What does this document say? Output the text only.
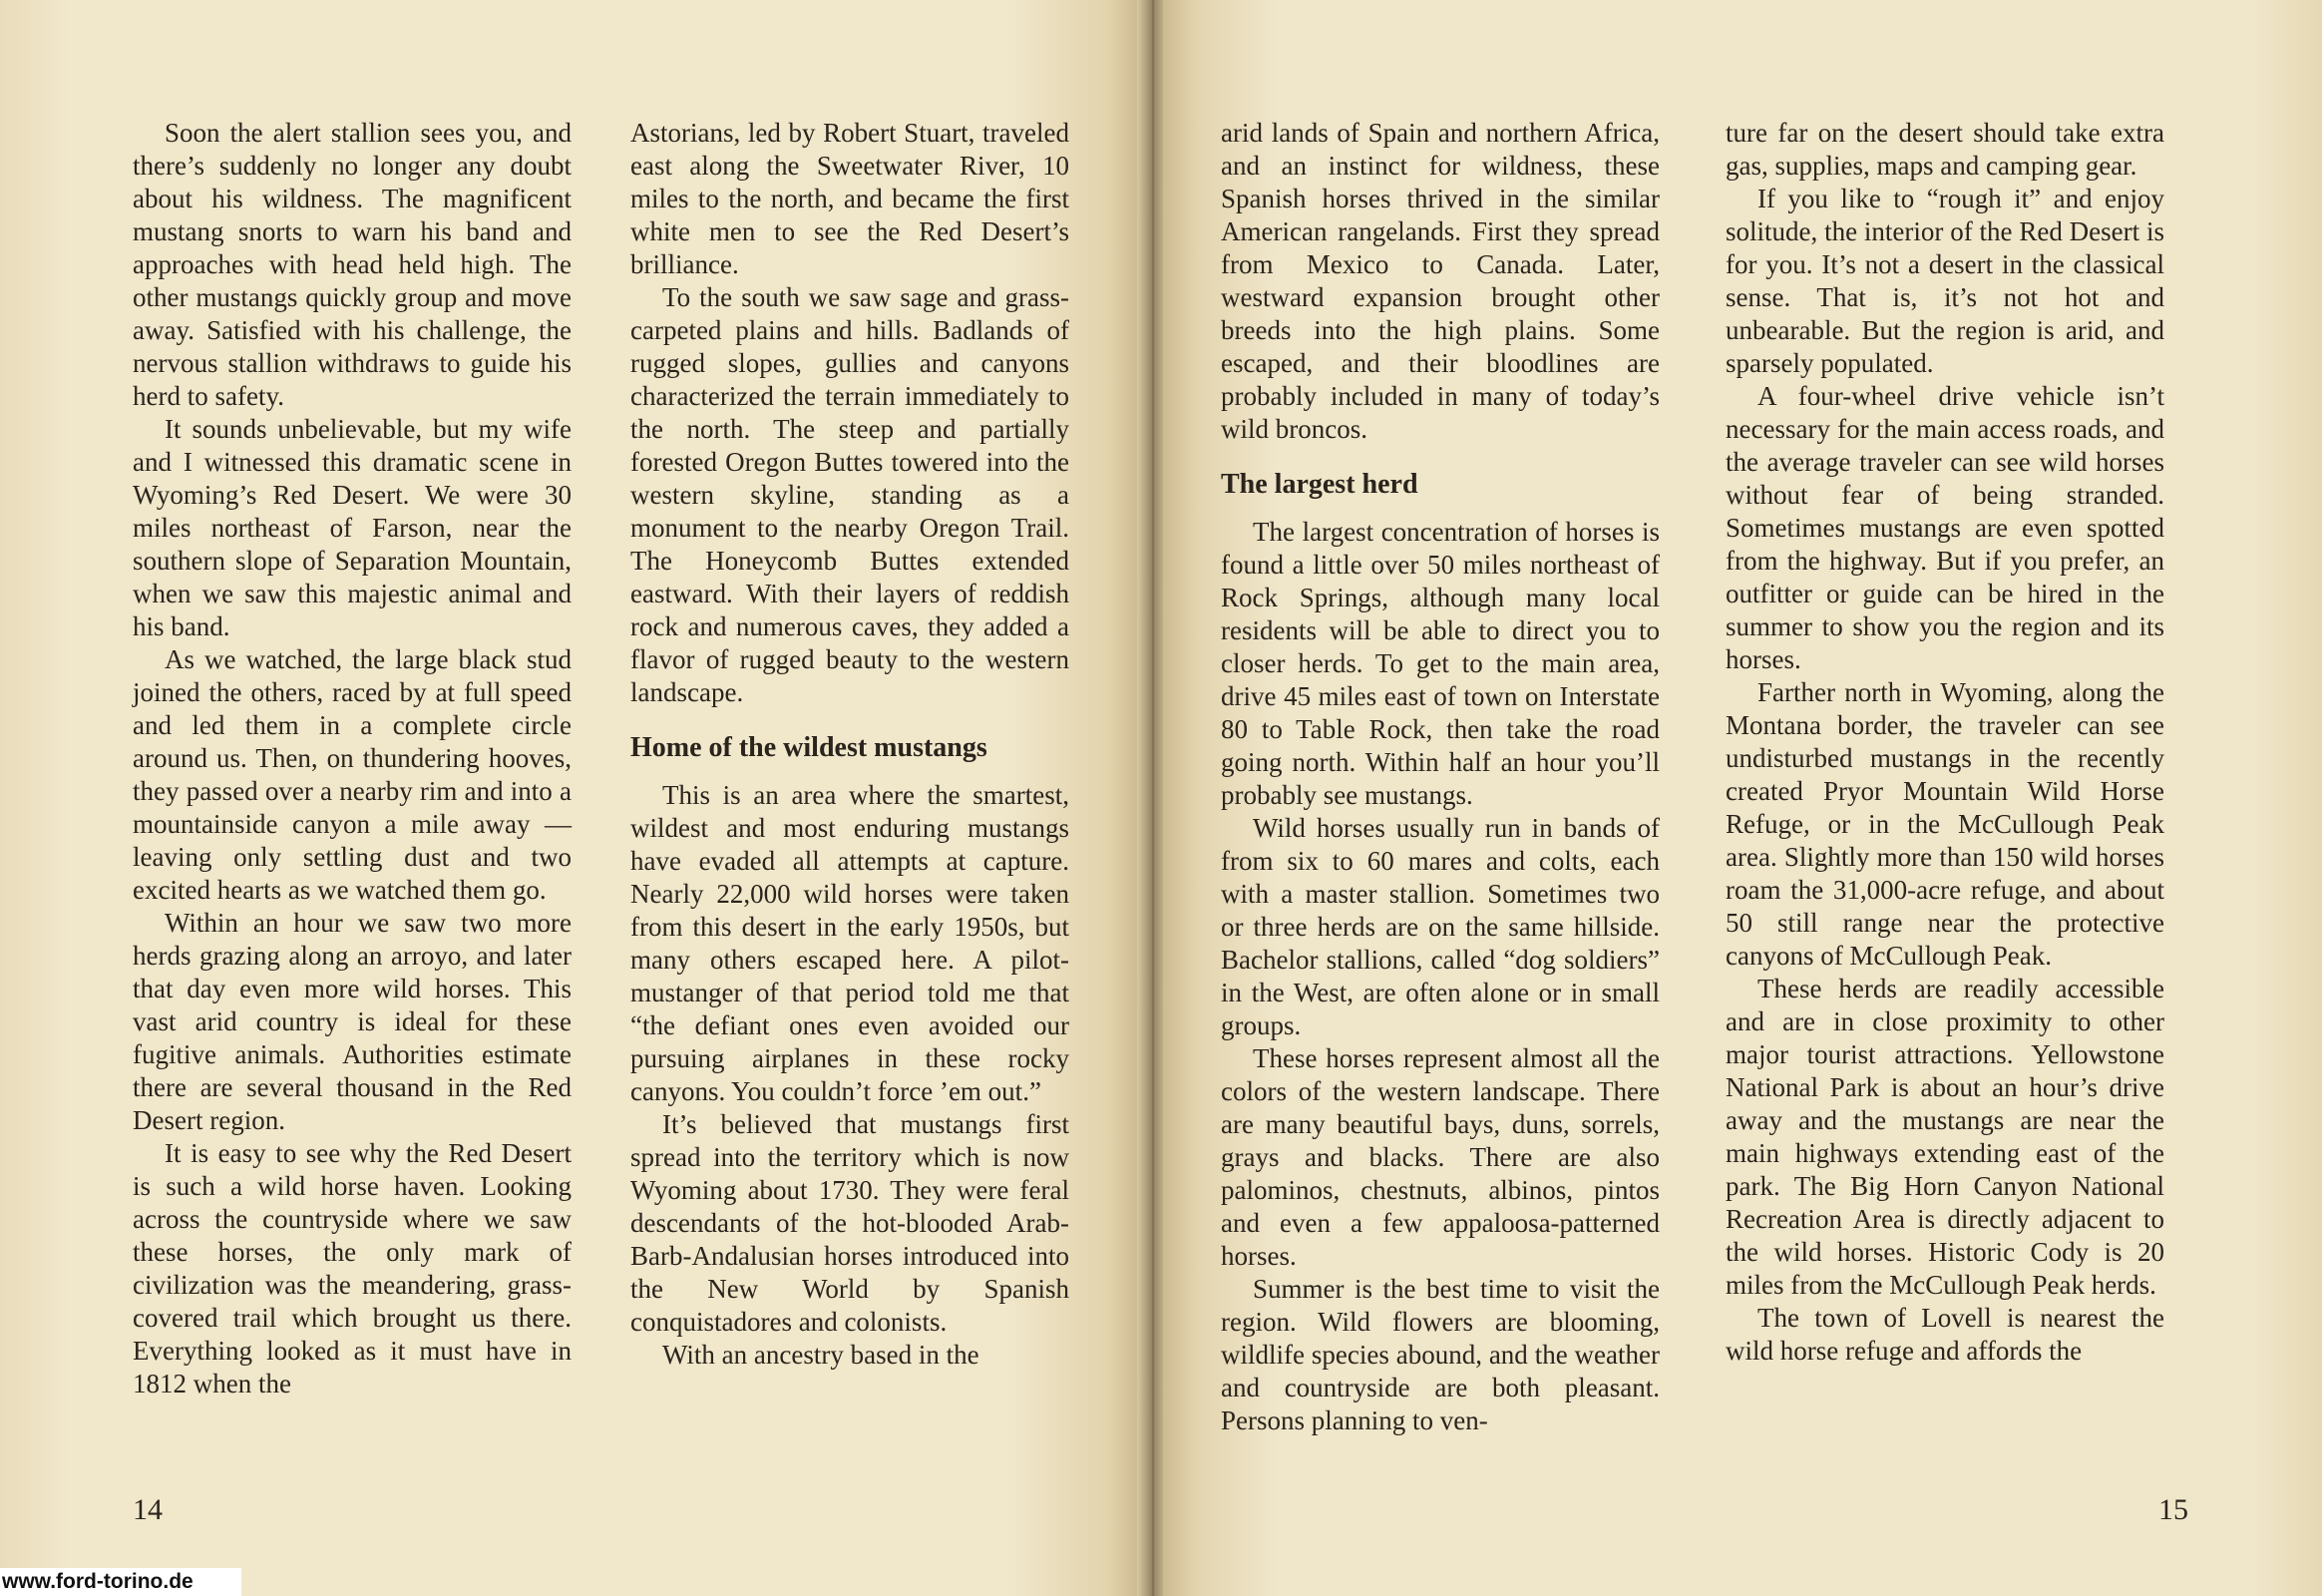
Soon the alert stallion sees you, and there’s suddenly no longer any doubt about his wildness. The magnificent mustang snorts to warn his band and approaches with head held high. The other mustangs quickly group and move away. Satisfied with his challenge, the nervous stallion withdraws to guide his herd to safety.

It sounds unbelievable, but my wife and I witnessed this dramatic scene in Wyoming’s Red Desert. We were 30 miles northeast of Farson, near the southern slope of Separation Mountain, when we saw this majestic animal and his band.

As we watched, the large black stud joined the others, raced by at full speed and led them in a complete circle around us. Then, on thundering hooves, they passed over a nearby rim and into a mountainside canyon a mile away — leaving only settling dust and two excited hearts as we watched them go.

Within an hour we saw two more herds grazing along an arroyo, and later that day even more wild horses. This vast arid country is ideal for these fugitive animals. Authorities estimate there are several thousand in the Red Desert region.

It is easy to see why the Red Desert is such a wild horse haven. Looking across the countryside where we saw these horses, the only mark of civilization was the meandering, grass-covered trail which brought us there. Everything looked as it must have in 1812 when the

Astorians, led by Robert Stuart, traveled east along the Sweetwater River, 10 miles to the north, and became the first white men to see the Red Desert’s brilliance.

To the south we saw sage and grass-carpeted plains and hills. Badlands of rugged slopes, gullies and canyons characterized the terrain immediately to the north. The steep and partially forested Oregon Buttes towered into the western skyline, standing as a monument to the nearby Oregon Trail. The Honeycomb Buttes extended eastward. With their layers of reddish rock and numerous caves, they added a flavor of rugged beauty to the western landscape.

Home of the wildest mustangs

This is an area where the smartest, wildest and most enduring mustangs have evaded all attempts at capture. Nearly 22,000 wild horses were taken from this desert in the early 1950s, but many others escaped here. A pilot-mustanger of that period told me that “the defiant ones even avoided our pursuing airplanes in these rocky canyons. You couldn’t force ’em out.”

It’s believed that mustangs first spread into the territory which is now Wyoming about 1730. They were feral descendants of the hot-blooded Arab-Barb-Andalusian horses introduced into the New World by Spanish conquistadores and colonists.

With an ancestry based in the

14

arid lands of Spain and northern Africa, and an instinct for wildness, these Spanish horses thrived in the similar American rangelands. First they spread from Mexico to Canada. Later, westward expansion brought other breeds into the high plains. Some escaped, and their bloodlines are probably included in many of today’s wild broncos.

The largest herd

The largest concentration of horses is found a little over 50 miles northeast of Rock Springs, although many local residents will be able to direct you to closer herds. To get to the main area, drive 45 miles east of town on Interstate 80 to Table Rock, then take the road going north. Within half an hour you’ll probably see mustangs.

Wild horses usually run in bands of from six to 60 mares and colts, each with a master stallion. Sometimes two or three herds are on the same hillside. Bachelor stallions, called “dog soldiers” in the West, are often alone or in small groups.

These horses represent almost all the colors of the western landscape. There are many beautiful bays, duns, sorrels, grays and blacks. There are also palominos, chestnuts, albinos, pintos and even a few appaloosa-patterned horses.

Summer is the best time to visit the region. Wild flowers are blooming, wildlife species abound, and the weather and countryside are both pleasant. Persons planning to ven-

ture far on the desert should take extra gas, supplies, maps and camping gear.

If you like to “rough it” and enjoy solitude, the interior of the Red Desert is for you. It’s not a desert in the classical sense. That is, it’s not hot and unbearable. But the region is arid, and sparsely populated.

A four-wheel drive vehicle isn’t necessary for the main access roads, and the average traveler can see wild horses without fear of being stranded. Sometimes mustangs are even spotted from the highway. But if you prefer, an outfitter or guide can be hired in the summer to show you the region and its horses.

Farther north in Wyoming, along the Montana border, the traveler can see undisturbed mustangs in the recently created Pryor Mountain Wild Horse Refuge, or in the McCullough Peak area. Slightly more than 150 wild horses roam the 31,000-acre refuge, and about 50 still range near the protective canyons of McCullough Peak.

These herds are readily accessible and are in close proximity to other major tourist attractions. Yellowstone National Park is about an hour’s drive away and the mustangs are near the main highways extending east of the park. The Big Horn Canyon National Recreation Area is directly adjacent to the wild horses. Historic Cody is 20 miles from the McCullough Peak herds.

The town of Lovell is nearest the wild horse refuge and affords the

15
www.ford-torino.de
